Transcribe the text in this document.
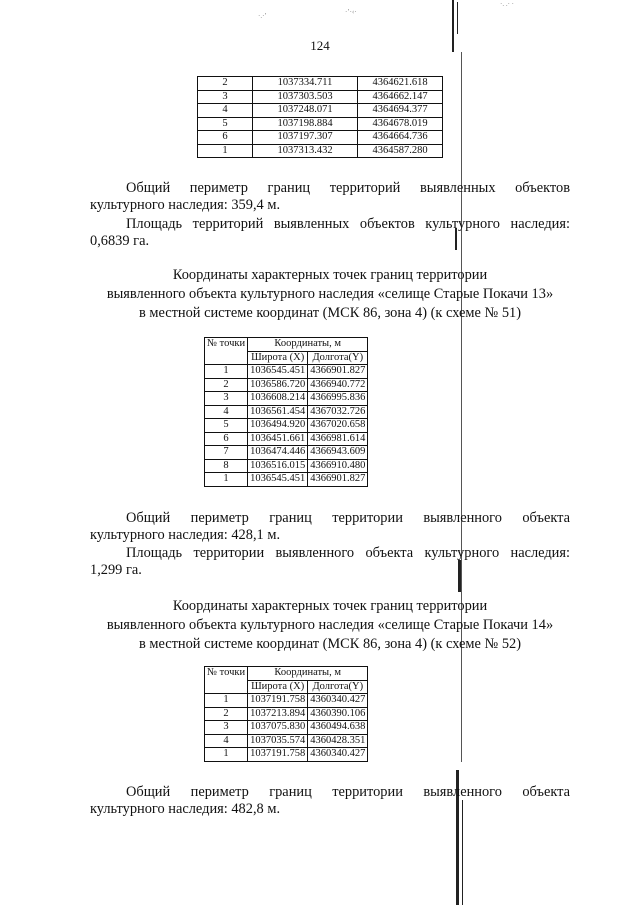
124
·.·’	·’·‹·
·. .· ·
2	1037334.711	4364621.618
3	1037303.503	4364662.147
4	1037248.071	4364694.377
5	1037198.884	4364678.019
6	1037197.307	4364664.736
1	1037313.432	4364587.280
Общий периметр границ территорий выявленных объектов
культурного наследия: 359,4 м.
Площадь территорий выявленных объектов культурного наследия:
0,6839 га.
Координаты характерных точек границ территории
выявленного объекта культурного наследия «селище Старые Покачи 13»
в местной системе координат (МСК 86, зона 4) (к схеме № 51)
№ точки	Координаты, м	
	Широта (X)	Долгота(Y)
1	1036545.451	4366901.827
2	1036586.720	4366940.772
3	1036608.214	4366995.836
4	1036561.454	4367032.726
5	1036494.920	4367020.658
6	1036451.661	4366981.614
7	1036474.446	4366943.609
8	1036516.015	4366910.480
1	1036545.451	4366901.827
Общий периметр границ территории выявленного объекта
культурного наследия: 428,1 м.
Площадь территории выявленного объекта культурного наследия:
1,299 га.
Координаты характерных точек границ территории
выявленного объекта культурного наследия «селище Старые Покачи 14»
в местной системе координат (МСК 86, зона 4) (к схеме № 52)
№ точки	Координаты, м	
	Широта (X)	Долгота(Y)
1	1037191.758	4360340.427
2	1037213.894	4360390.106
3	1037075.830	4360494.638
4	1037035.574	4360428.351
1	1037191.758	4360340.427
Общий периметр границ территории выявленного объекта
культурного наследия: 482,8 м.
